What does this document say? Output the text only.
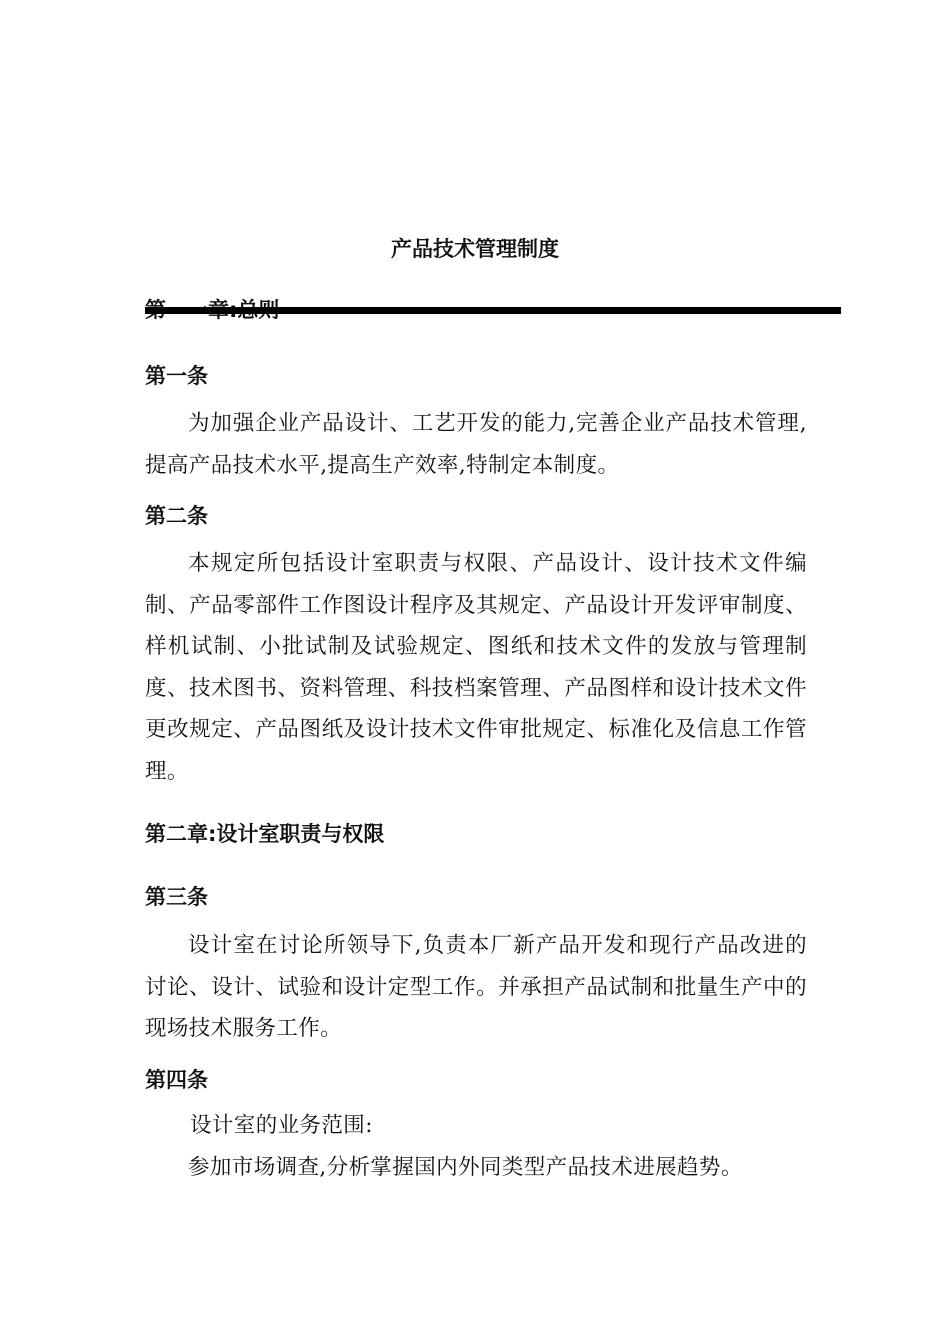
产品技术管理制度
第一条

为加强企业产品设计、工艺开发的能力,完善企业产品技术管理,提高产品技术水平,提高生产效率,特制定本制度。

第二条

本规定所包括设计室职责与权限、产品设计、设计技术文件编制、产品零部件工作图设计程序及其规定、产品设计开发评审制度、样机试制、小批试制及试验规定、图纸和技术文件的发放与管理制度、技术图书、资料管理、科技档案管理、产品图样和设计技术文件更改规定、产品图纸及设计技术文件审批规定、标准化及信息工作管理。

第二章:设计室职责与权限
第三条

设计室在讨论所领导下,负责本厂新产品开发和现行产品改进的讨论、设计、试验和设计定型工作。并承担产品试制和批量生产中的现场技术服务工作。

第四条

设计室的业务范围:

参加市场调查,分析掌握国内外同类型产品技术进展趋势。
